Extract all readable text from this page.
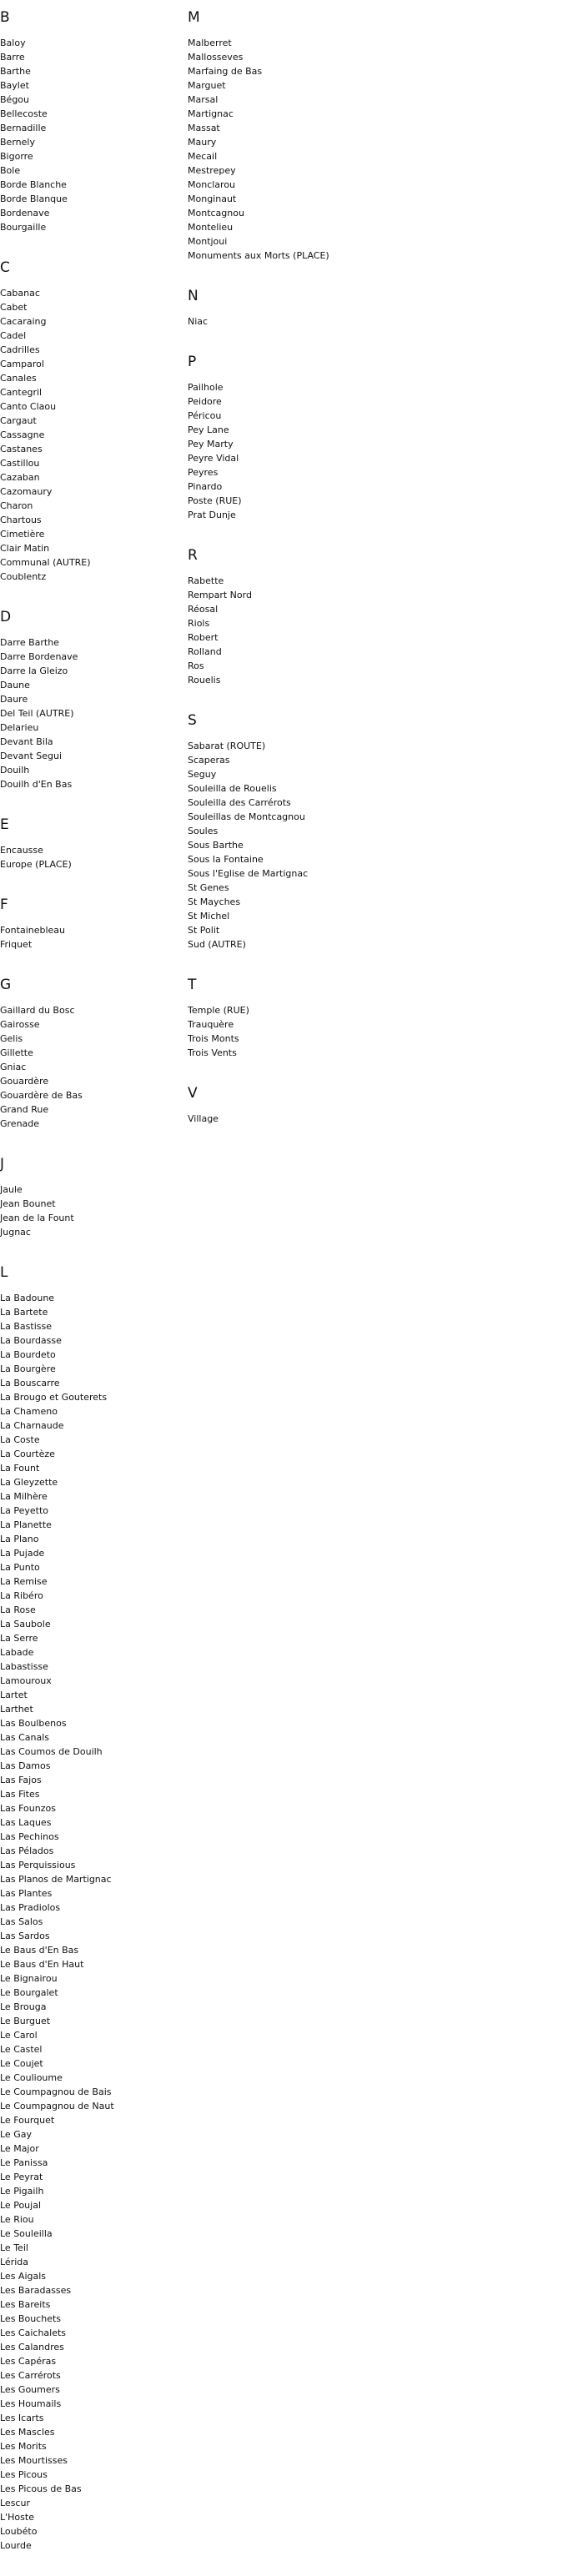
B
Baloy
Barre
Barthe
Baylet
Bégou
Bellecoste
Bernadille
Bernely
Bigorre
Bole
Borde Blanche
Borde Blanque
Bordenave
Bourgaille
C
Cabanac
Cabet
Cacaraing
Cadel
Cadrilles
Camparol
Canales
Cantegril
Canto Claou
Cargaut
Cassagne
Castanes
Castillou
Cazaban
Cazomaury
Charon
Chartous
Cimetière
Clair Matin
Communal (AUTRE)
Coublentz
D
Darre Barthe
Darre Bordenave
Darre la Gleizo
Daune
Daure
Del Teil (AUTRE)
Delarieu
Devant Bila
Devant Segui
Douilh
Douilh d'En Bas
E
Encausse
Europe (PLACE)
F
Fontainebleau
Friquet
G
Gaillard du Bosc
Gairosse
Gelis
Gillette
Gniac
Gouardère
Gouardère de Bas
Grand Rue
Grenade
J
Jaule
Jean Bounet
Jean de la Fount
Jugnac
L
La Badoune
La Bartete
La Bastisse
La Bourdasse
La Bourdeto
La Bourgère
La Bouscarre
La Brougo et Gouterets
La Chameno
La Charnaude
La Coste
La Courtèze
La Fount
La Gleyzette
La Milhère
La Peyetto
La Planette
La Plano
La Pujade
La Punto
La Remise
La Ribéro
La Rose
La Saubole
La Serre
Labade
Labastisse
Lamouroux
Lartet
Larthet
Las Boulbenos
Las Canals
Las Coumos de Douilh
Las Damos
Las Fajos
Las Fites
Las Founzos
Las Laques
Las Pechinos
Las Pélados
Las Perquissious
Las Planos de Martignac
Las Plantes
Las Pradiolos
Las Salos
Las Sardos
Le Baus d'En Bas
Le Baus d'En Haut
Le Bignairou
Le Bourgalet
Le Brouga
Le Burguet
Le Carol
Le Castel
Le Coujet
Le Coulioume
Le Coumpagnou de Bais
Le Coumpagnou de Naut
Le Fourquet
Le Gay
Le Major
Le Panissa
Le Peyrat
Le Pigailh
Le Poujal
Le Riou
Le Souleilla
Le Teil
Lérida
Les Aigals
Les Baradasses
Les Bareits
Les Bouchets
Les Caichalets
Les Calandres
Les Capéras
Les Carrérots
Les Goumers
Les Houmails
Les Icarts
Les Mascles
Les Morits
Les Mourtisses
Les Picous
Les Picous de Bas
Lescur
L'Hoste
Loubéto
Lourde
M
Malberret
Mallosseves
Marfaing de Bas
Marguet
Marsal
Martignac
Massat
Maury
Mecail
Mestrepey
Monclarou
Monginaut
Montcagnou
Montelieu
Montjoui
Monuments aux Morts (PLACE)
N
Niac
P
Pailhole
Peidore
Péricou
Pey Lane
Pey Marty
Peyre Vidal
Peyres
Pinardo
Poste (RUE)
Prat Dunje
R
Rabette
Rempart Nord
Réosal
Riols
Robert
Rolland
Ros
Rouelis
S
Sabarat (ROUTE)
Scaperas
Seguy
Souleilla de Rouelis
Souleilla des Carrérots
Souleillas de Montcagnou
Soules
Sous Barthe
Sous la Fontaine
Sous l'Eglise de Martignac
St Genes
St Mayches
St Michel
St Polit
Sud (AUTRE)
T
Temple (RUE)
Trauquère
Trois Monts
Trois Vents
V
Village
